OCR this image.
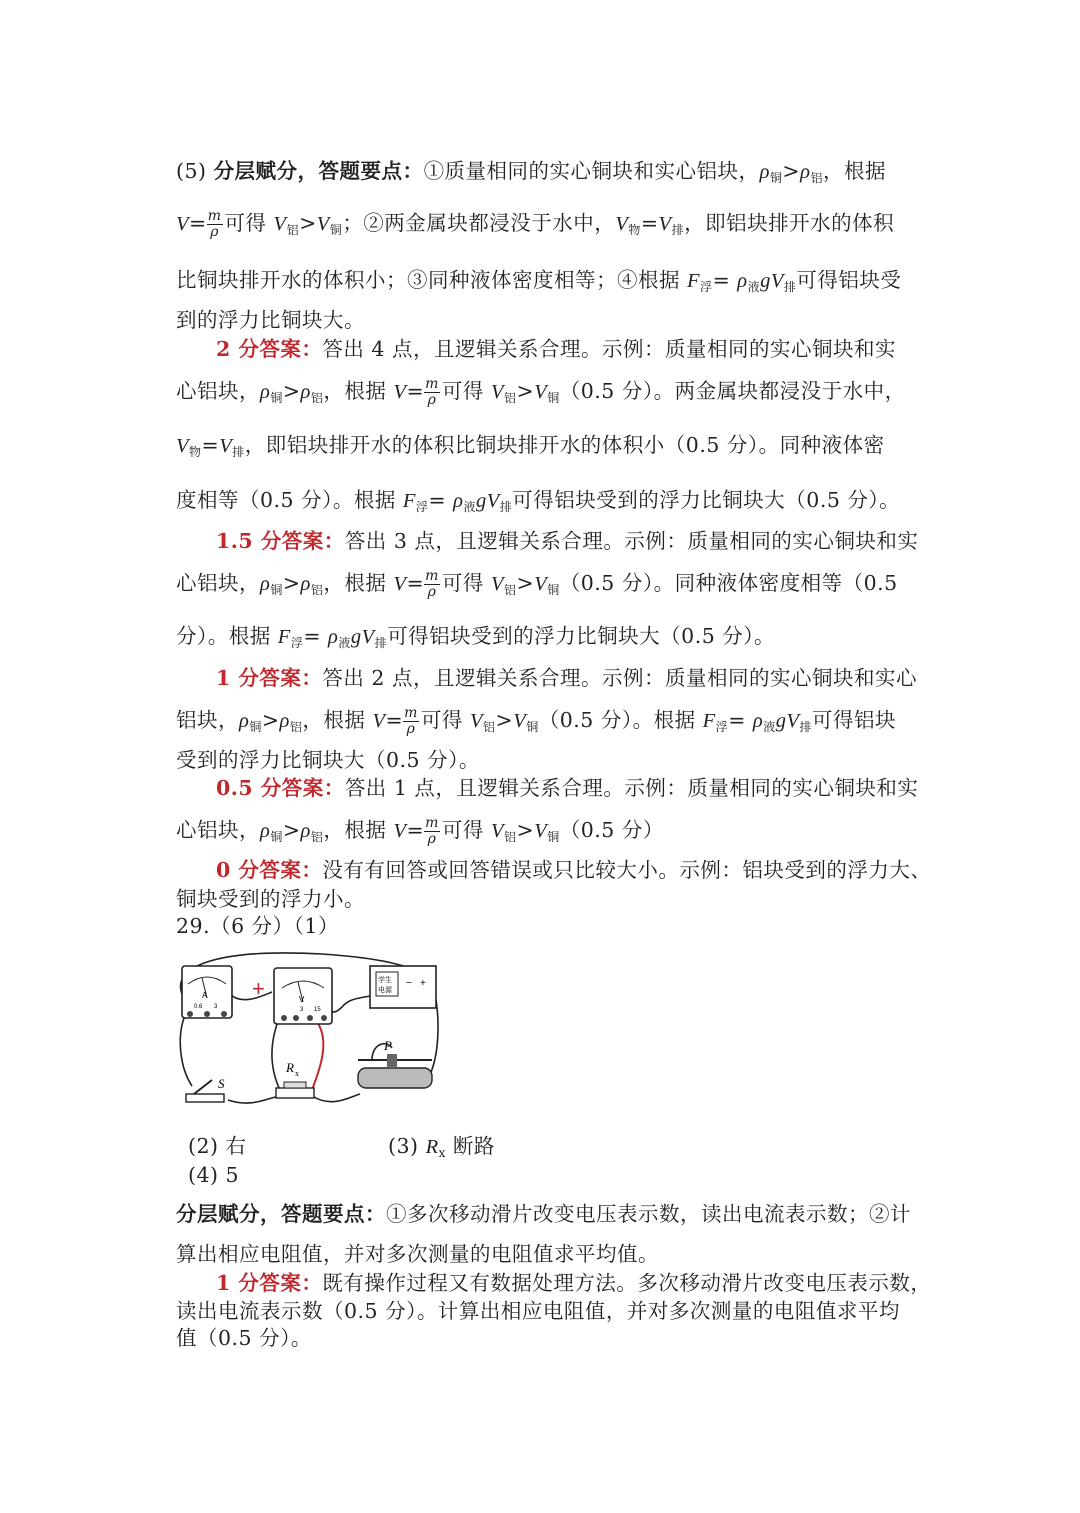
(5) 分层赋分，答题要点：①质量相同的实心铜块和实心铝块，$\rho_铜>\rho_铝$，根据
$V= \frac{m}{\rho}$ 可得 $V_铝>V_铜$；②两金属块都浸没于水中，$V_物=V_排$，即铝块排开水的体积
比铜块排开水的体积小；③同种液体密度相等；④根据 $F_浮= \rho_液gV_排$可得铝块受
到的浮力比铜块大。
2 分答案：答出 4 点，且逻辑关系合理。示例：质量相同的实心铜块和实
心铝块，$\rho_铜>\rho_铝$，根据 $V= \frac{m}{\rho}$ 可得 $V_铝>V_铜(0.5$ 分）。两金属块都浸没于水中，
$V_物=V_排$，即铝块排开水的体积比铜块排开水的体积小（0.5 分）。同种液体密
度相等（0.5 分）。根据 $F_浮= \rho_液gV_排$可得铝块受到的浮力比铜块大（0.5 分）。
1.5 分答案：答出 3 点，且逻辑关系合理。示例：质量相同的实心铜块和实
心铝块，$\rho_铜>\rho_铝$，根据 $V= \frac{m}{\rho}$ 可得 $V_铝>V_铜(0.5$ 分）。同种液体密度相等（0.5
分）。根据 $F_浮= \rho_液gV_排$可得铝块受到的浮力比铜块大（0.5 分）。
1 分答案：答出 2 点，且逻辑关系合理。示例：质量相同的实心铜块和实心
铝块，$\rho_铜>\rho_铝$，根据 $V= \frac{m}{\rho}$ 可得 $V_铝>V_铜(0.5$ 分）。根据 $F_浮= \rho_液gV_排$可得铝块
受到的浮力比铜块大（0.5 分）。
0.5 分答案：答出 1 点，且逻辑关系合理。示例：质量相同的实心铜块和实
心铝块，$\rho_铜>\rho_铝$，根据 $V= \frac{m}{\rho}$ 可得 $V_铝>V_铜(0.5$ 分）
0 分答案：没有有回答或回答错误或只比较大小。示例：铝块受到的浮力大、
铜块受到的浮力小。
29.（6 分）（1）
A
0.6 3
+	V
3 15
学生
电源
− +
S
R x
P
(2) 右	(3) $R_x$ 断路
(4) 5
分层赋分，答题要点：①多次移动滑片改变电压表示数，读出电流表示数；②计
算出相应电阻值，并对多次测量的电阻值求平均值。
1 分答案：既有操作过程又有数据处理方法。多次移动滑片改变电压表示数，
读出电流表示数（0.5 分）。计算出相应电阻值，并对多次测量的电阻值求平均
值（0.5 分）。
